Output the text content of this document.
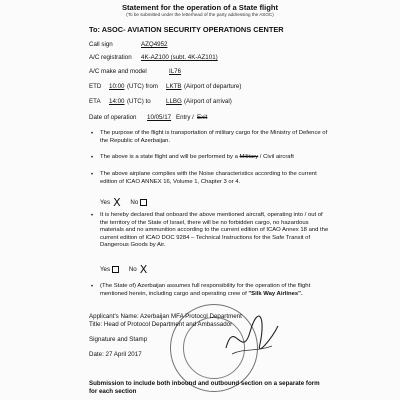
Statement for the operation of a State flight
(To be submitted under the letterhead of the party addressing the ASOC)
To: ASOC- AVIATION SECURITY OPERATIONS CENTER
Call sign	AZQ4952
A/C registration 4K-AZ100 (subt. 4K-AZ101)
A/C make and model	IL76
ETD 10:00 (UTC) from LKTB (Airport of departure)
ETA 14:00 (UTC) to LLBG (Airport of arrival)
Date of operation 10/05/17 Entry / Exit
• The purpose of the flight is transportation of military cargo for the Ministry of Defence of the Republic of Azerbaijan.
• The above is a state flight and will be performed by a Military / Civil aircraft
• The above airplane complies with the Noise characteristics according to the current edition of ICAO ANNEX 16, Volume 1, Chapter 3 or 4.
Yes X No
• It is hereby declared that onboard the above mentioned aircraft, operating into / out of the territory of the State of Israel, there will be no forbidden cargo, no hazardous materials and no ammunition according to the current edition of ICAO Annex 18 and the current edition of ICAO DOC 9284 – Technical Instructions for the Safe Transit of Dangerous Goods by Air.
Yes	No X
• (The State of) Azerbaijan assumes full responsibility for the operation of the flight mentioned herein, including cargo and operating crew of "Silk Way Airlines".
Applicant's Name: Azerbaijan MFA Protocol Department
Title: Head of Protocol Department and Ambassador
Signature and Stamp
Date: 27 April 2017
Submission to include both inbound and outbound section on a separate form for each section
